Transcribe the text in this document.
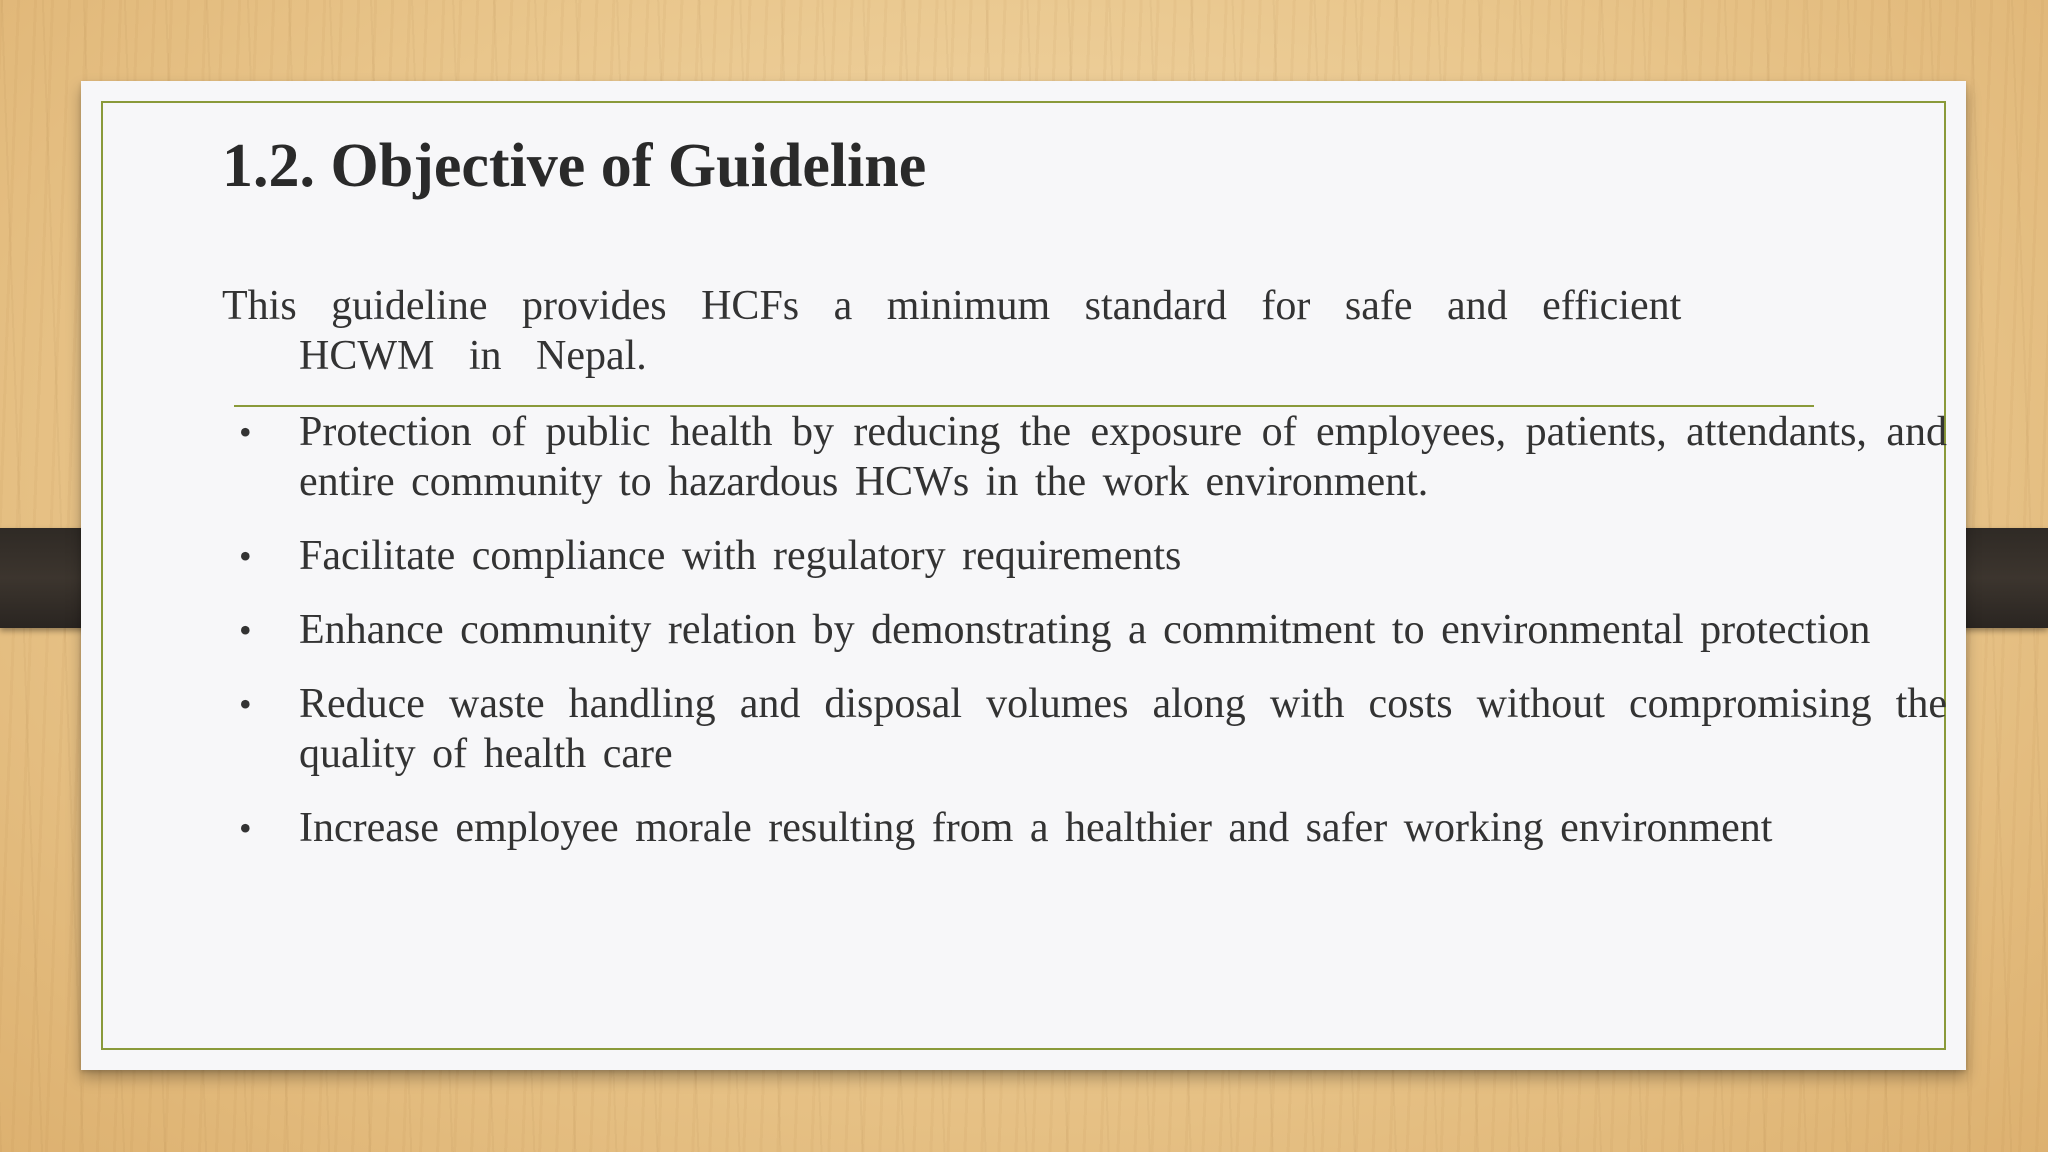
1.2. Objective of Guideline

This guideline provides HCFs a minimum standard for safe and efficient HCWM in Nepal.

• Protection of public health by reducing the exposure of employees, patients, attendants, and entire community to hazardous HCWs in the work environment.
• Facilitate compliance with regulatory requirements
• Enhance community relation by demonstrating a commitment to environmental protection
• Reduce waste handling and disposal volumes along with costs without compromising the quality of health care
• Increase employee morale resulting from a healthier and safer working environment
